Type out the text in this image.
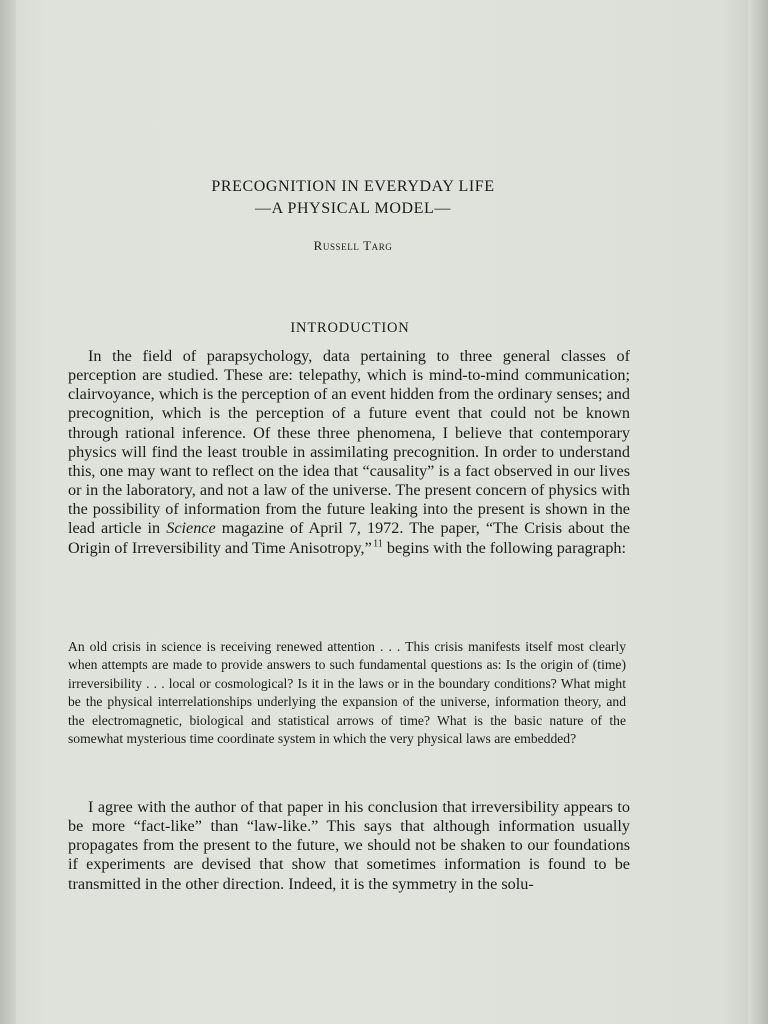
PRECOGNITION IN EVERYDAY LIFE
—A PHYSICAL MODEL—
Russell Targ
INTRODUCTION

In the field of parapsychology, data pertaining to three general classes of perception are studied. These are: telepathy, which is mind-to-mind communication; clairvoyance, which is the perception of an event hidden from the ordinary senses; and precognition, which is the perception of a future event that could not be known through rational inference. Of these three phenomena, I believe that contemporary physics will find the least trouble in assimilating precognition. In order to understand this, one may want to reflect on the idea that “causality” is a fact observed in our lives or in the laboratory, and not a law of the universe. The present concern of physics with the possibility of information from the future leaking into the present is shown in the lead article in Science magazine of April 7, 1972. The paper, “The Crisis about the Origin of Irreversibility and Time Anisotropy,” $^{11}$ begins with the following paragraph:

An old crisis in science is receiving renewed attention . . . This crisis manifests itself most clearly when attempts are made to provide answers to such fundamental questions as: Is the origin of (time) irreversibility . . . local or cosmological? Is it in the laws or in the boundary conditions? What might be the physical interrelationships underlying the expansion of the universe, information theory, and the electromagnetic, biological and statistical arrows of time? What is the basic nature of the somewhat mysterious time coordinate system in which the very physical laws are embedded?

I agree with the author of that paper in his conclusion that irreversibility appears to be more “fact-like” than “law-like.” This says that although information usually propagates from the present to the future, we should not be shaken to our foundations if experiments are devised that show that sometimes information is found to be transmitted in the other direction. Indeed, it is the symmetry in the solu-
